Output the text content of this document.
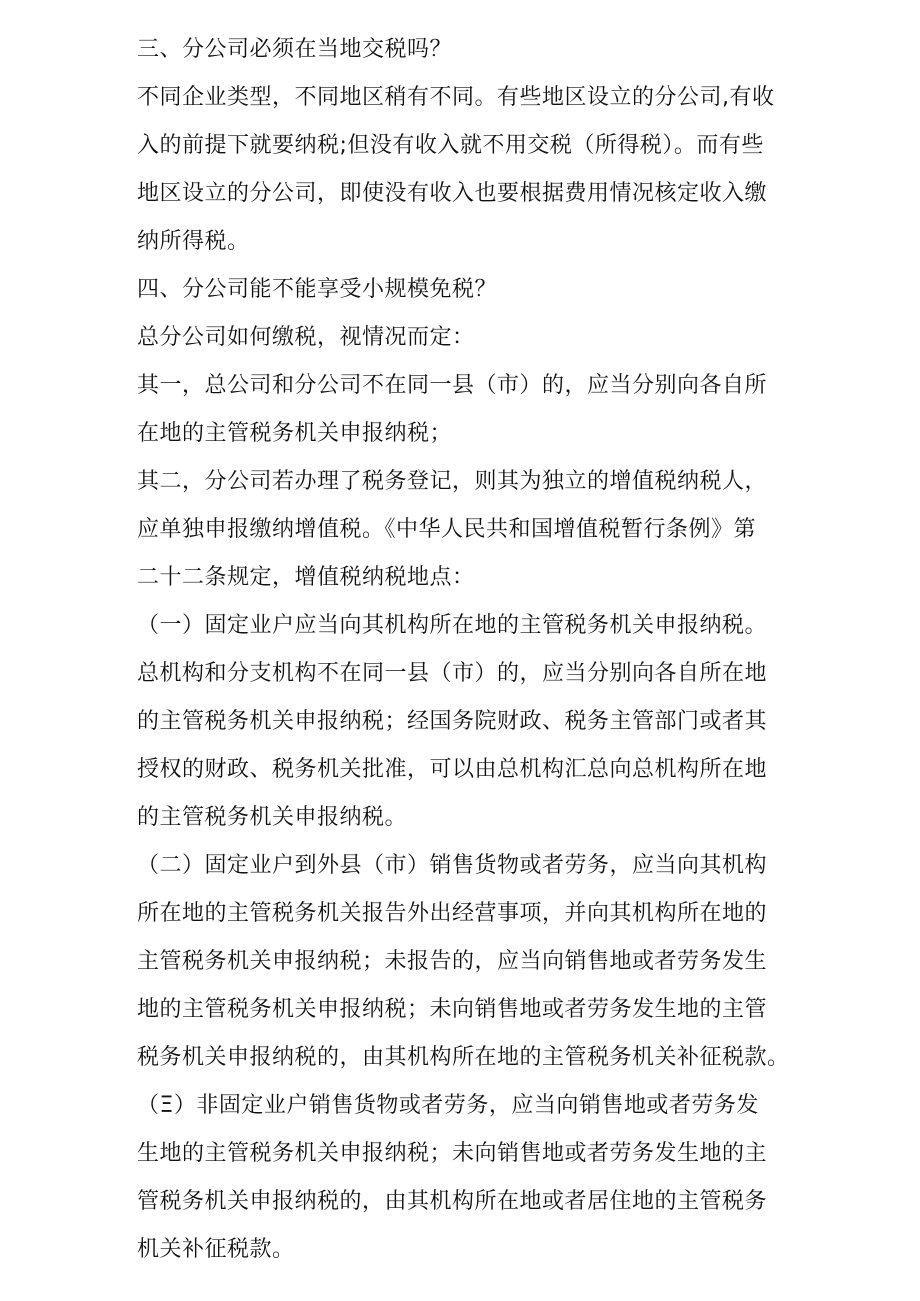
三、分公司必须在当地交税吗？
不同企业类型，不同地区稍有不同。有些地区设立的分公司,有收
入的前提下就要纳税;但没有收入就不用交税（所得税）。而有些
地区设立的分公司，即使没有收入也要根据费用情况核定收入缴
纳所得税。
四、分公司能不能享受小规模免税？
总分公司如何缴税，视情况而定：
其一，总公司和分公司不在同一县（市）的，应当分别向各自所
在地的主管税务机关申报纳税；
其二，分公司若办理了税务登记，则其为独立的增值税纳税人，
应单独申报缴纳增值税。《中华人民共和国增值税暂行条例》第
二十二条规定，增值税纳税地点：
（一）固定业户应当向其机构所在地的主管税务机关申报纳税。
总机构和分支机构不在同一县（市）的，应当分别向各自所在地
的主管税务机关申报纳税；经国务院财政、税务主管部门或者其
授权的财政、税务机关批准，可以由总机构汇总向总机构所在地
的主管税务机关申报纳税。
（二）固定业户到外县（市）销售货物或者劳务，应当向其机构
所在地的主管税务机关报告外出经营事项，并向其机构所在地的
主管税务机关申报纳税；未报告的，应当向销售地或者劳务发生
地的主管税务机关申报纳税；未向销售地或者劳务发生地的主管
税务机关申报纳税的，由其机构所在地的主管税务机关补征税款。
（Ξ）非固定业户销售货物或者劳务，应当向销售地或者劳务发
生地的主管税务机关申报纳税；未向销售地或者劳务发生地的主
管税务机关申报纳税的，由其机构所在地或者居住地的主管税务
机关补征税款。
